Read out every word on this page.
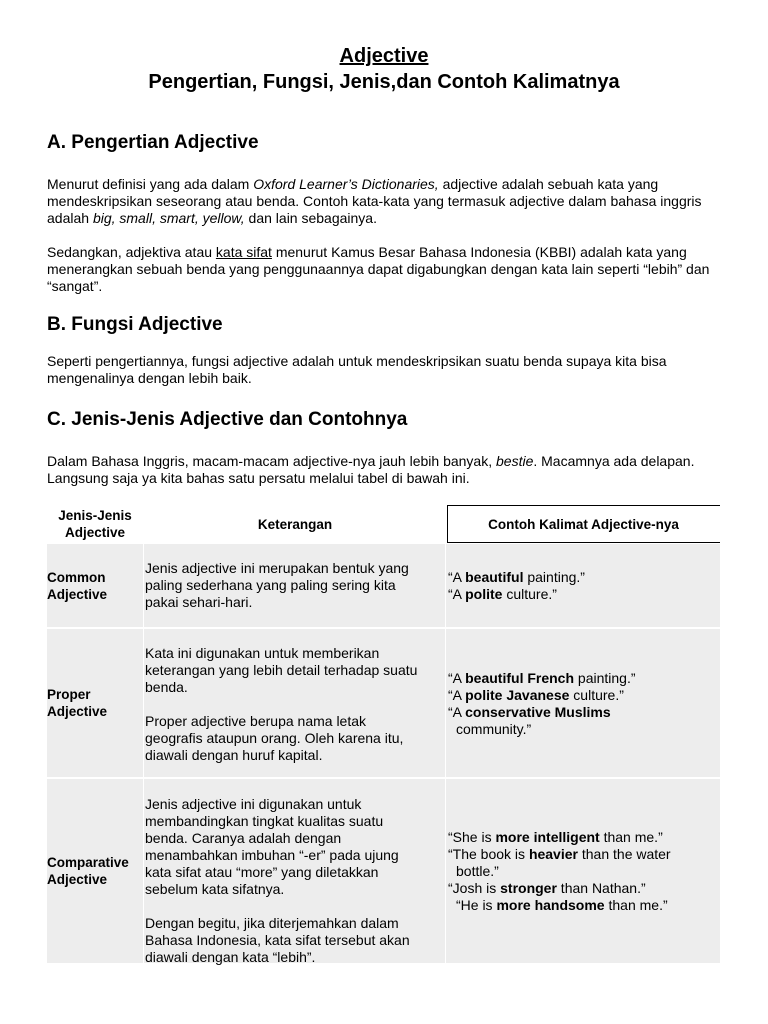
Adjective
Pengertian, Fungsi, Jenis,dan Contoh Kalimatnya
A. Pengertian Adjective
Menurut definisi yang ada dalam Oxford Learner’s Dictionaries, adjective adalah sebuah kata yang mendeskripsikan seseorang atau benda. Contoh kata-kata yang termasuk adjective dalam bahasa inggris adalah big, small, smart, yellow, dan lain sebagainya.
Sedangkan, adjektiva atau kata sifat menurut Kamus Besar Bahasa Indonesia (KBBI) adalah kata yang menerangkan sebuah benda yang penggunaannya dapat digabungkan dengan kata lain seperti “lebih” dan “sangat”.
B. Fungsi Adjective
Seperti pengertiannya, fungsi adjective adalah untuk mendeskripsikan suatu benda supaya kita bisa mengenalinya dengan lebih baik.
C. Jenis-Jenis Adjective dan Contohnya
Dalam Bahasa Inggris, macam-macam adjective-nya jauh lebih banyak, bestie. Macamnya ada delapan. Langsung saja ya kita bahas satu persatu melalui tabel di bawah ini.
Jenis-Jenis
Adjective
Keterangan	Contoh Kalimat Adjective-nya
Common
Adjective
Jenis adjective ini merupakan bentuk yang
paling sederhana yang paling sering kita
pakai sehari-hari.
“A beautiful painting.”
“A polite culture.”
Proper
Adjective
Kata ini digunakan untuk memberikan
keterangan yang lebih detail terhadap suatu
benda.
Proper adjective berupa nama letak
geografis ataupun orang. Oleh karena itu,
diawali dengan huruf kapital.
“A beautiful French painting.”
“A polite Javanese culture.”
“A conservative Muslims
community.”
Comparative
Adjective
Jenis adjective ini digunakan untuk
membandingkan tingkat kualitas suatu
benda. Caranya adalah dengan
menambahkan imbuhan “-er” pada ujung
kata sifat atau “more” yang diletakkan
sebelum kata sifatnya.
Dengan begitu, jika diterjemahkan dalam
Bahasa Indonesia, kata sifat tersebut akan
diawali dengan kata “lebih”.
“She is more intelligent than me.”
“The book is heavier than the water
bottle.”
“Josh is stronger than Nathan.”
“He is more handsome than me.”
